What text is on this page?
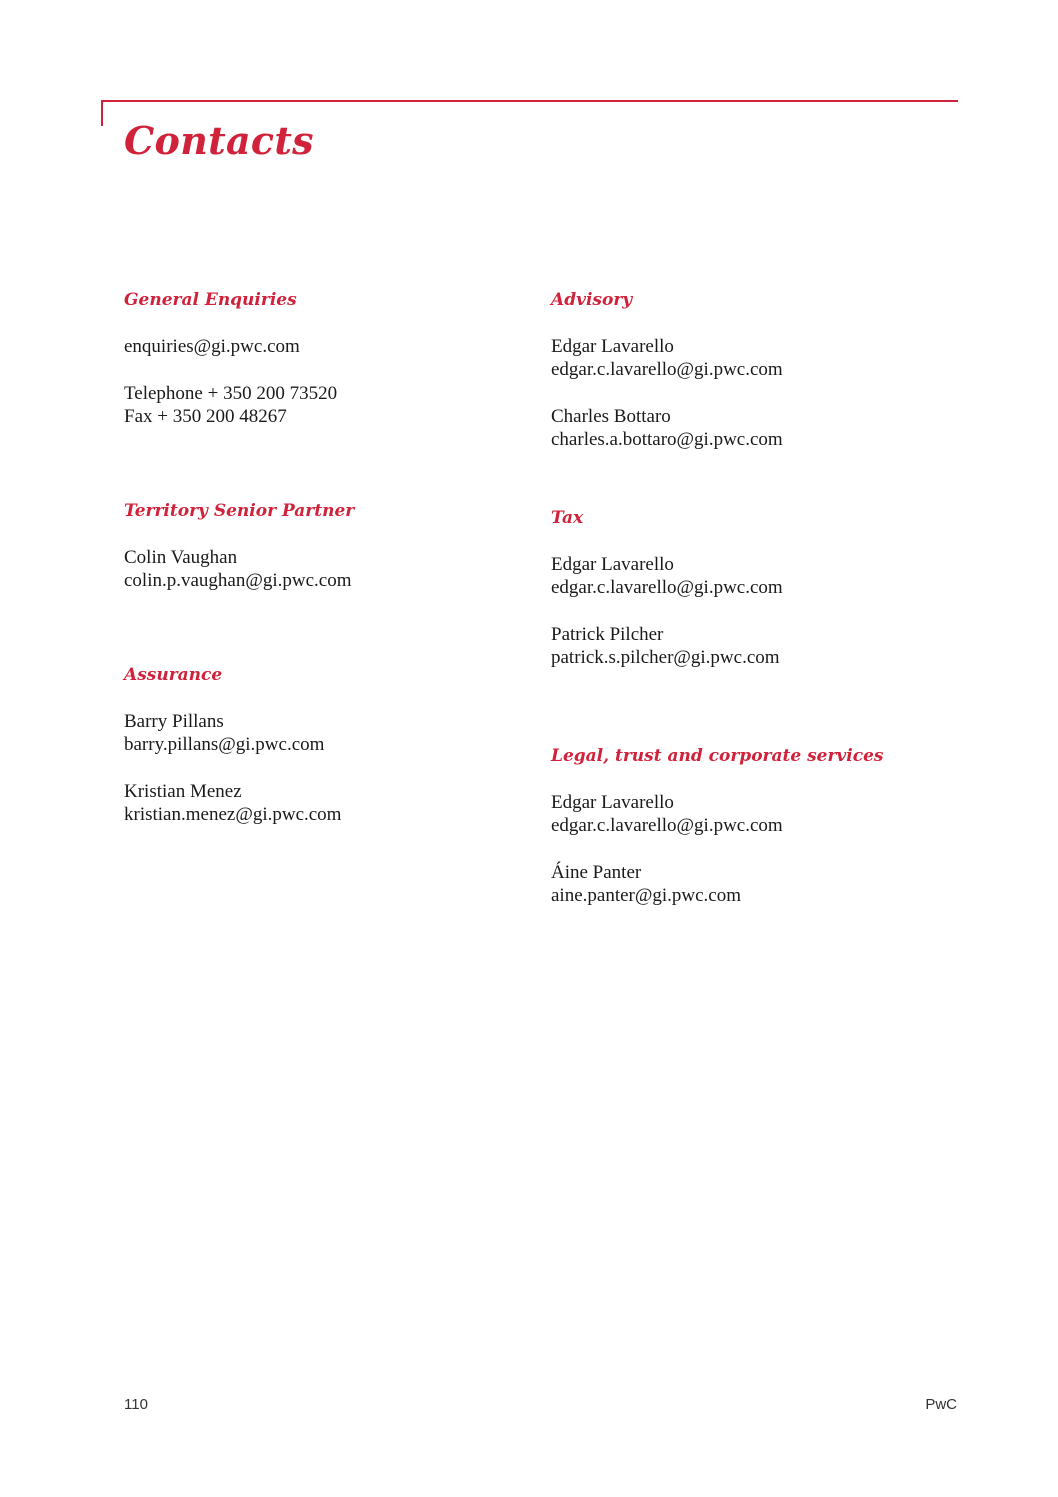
Contacts
General Enquiries
enquiries@gi.pwc.com
Telephone + 350 200 73520
Fax + 350 200 48267
Territory Senior Partner
Colin Vaughan
colin.p.vaughan@gi.pwc.com
Assurance
Barry Pillans
barry.pillans@gi.pwc.com
Kristian Menez
kristian.menez@gi.pwc.com
Advisory
Edgar Lavarello
edgar.c.lavarello@gi.pwc.com
Charles Bottaro
charles.a.bottaro@gi.pwc.com
Tax
Edgar Lavarello
edgar.c.lavarello@gi.pwc.com
Patrick Pilcher
patrick.s.pilcher@gi.pwc.com
Legal, trust and corporate services
Edgar Lavarello
edgar.c.lavarello@gi.pwc.com
Áine Panter
aine.panter@gi.pwc.com
110	PwC
